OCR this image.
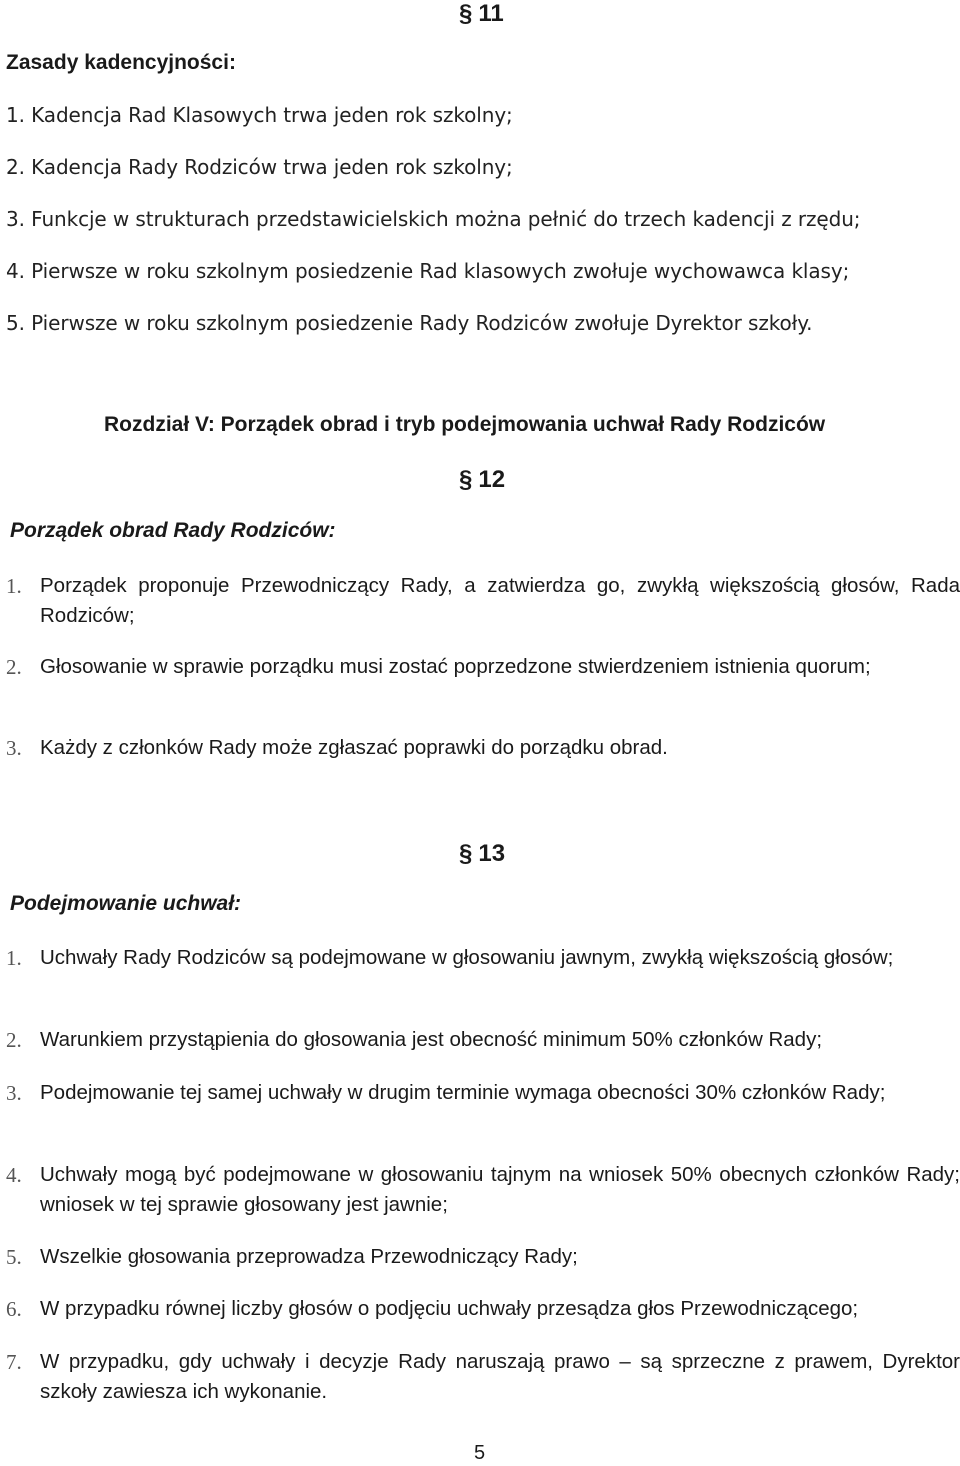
§ 11
Zasady kadencyjności:
1. Kadencja Rad Klasowych trwa jeden rok szkolny;
2. Kadencja Rady Rodziców trwa jeden rok szkolny;
3. Funkcje w strukturach przedstawicielskich można pełnić do trzech kadencji z rzędu;
4. Pierwsze w roku szkolnym posiedzenie Rad klasowych zwołuje wychowawca klasy;
5. Pierwsze w roku szkolnym posiedzenie Rady Rodziców zwołuje Dyrektor szkoły.
Rozdział V: Porządek obrad i tryb podejmowania uchwał Rady Rodziców
§ 12
Porządek obrad Rady Rodziców:
1. Porządek proponuje Przewodniczący Rady, a zatwierdza go, zwykłą większością głosów, Rada Rodziców;
2. Głosowanie w sprawie porządku musi zostać poprzedzone stwierdzeniem istnienia quorum;
3. Każdy z członków Rady może zgłaszać poprawki do porządku obrad.
§ 13
Podejmowanie uchwał:
1. Uchwały Rady Rodziców są podejmowane w głosowaniu jawnym, zwykłą większością głosów;
2. Warunkiem przystąpienia do głosowania jest obecność minimum 50% członków Rady;
3. Podejmowanie tej samej uchwały w drugim terminie wymaga obecności 30% członków Rady;
4. Uchwały mogą być podejmowane w głosowaniu tajnym na wniosek 50% obecnych członków Rady; wniosek w tej sprawie głosowany jest jawnie;
5. Wszelkie głosowania przeprowadza Przewodniczący Rady;
6. W przypadku równej liczby głosów o podjęciu uchwały przesądza głos Przewodniczącego;
7. W przypadku, gdy uchwały i decyzje Rady naruszają prawo – są sprzeczne z prawem, Dyrektor szkoły zawiesza ich wykonanie.
5
